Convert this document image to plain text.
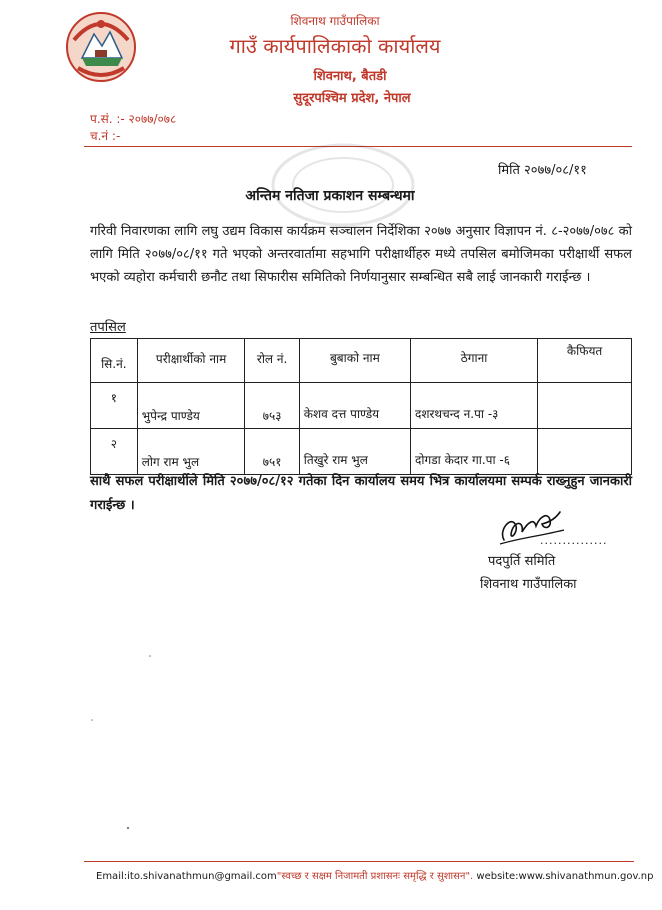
शिवनाथ गाउँपालिका
गाउँ कार्यपालिकाको कार्यालय
शिवनाथ, बैतडी
सुदूरपश्चिम प्रदेश, नेपाल
प.सं. :- २०७७/०७८
च.नं :-
मिति २०७७/०८/११
अन्तिम नतिजा प्रकाशन सम्बन्धमा
गरिवी निवारणका लागि लघु उद्यम विकास कार्यक्रम सञ्चालन निर्देशिका २०७७ अनुसार विज्ञापन नं. ८-२०७७/०७८ को लागि मिति २०७७/०८/११ गते भएको अन्तरवार्तामा सहभागि परीक्षार्थीहरु मध्ये तपसिल बमोजिमका परीक्षार्थी सफल भएको व्यहोरा कर्मचारी छनौट तथा सिफारीस समितिको निर्णयानुसार सम्बन्धित सबै लाई जानकारी गराईन्छ ।
तपसिल
सि.नं.	परीक्षार्थीको नाम	रोल नं.	बुबाको नाम	ठेगाना	कैफियत
१	भुपेन्द्र पाण्डेय	७५३	केशव दत्त पाण्डेय	दशरथचन्द न.पा -३	
२	लोग राम भुल	७५१	तिखुरे राम भुल	दोगडा केदार गा.पा -६	
साथै सफल परीक्षार्थीले मिति २०७७/०८/१२ गतेका दिन कार्यालय समय भित्र कार्यालयमा सम्पर्क राख्नुहुन जानकारी गराईन्छ ।
...............
पदपुर्ति समिति
शिवनाथ गाउँपालिका
Email:ito.shivanathmun@gmail.com"स्वच्छ र सक्षम निजामती प्रशासनः समृद्धि र सुशासन". website:www.shivanathmun.gov.np
